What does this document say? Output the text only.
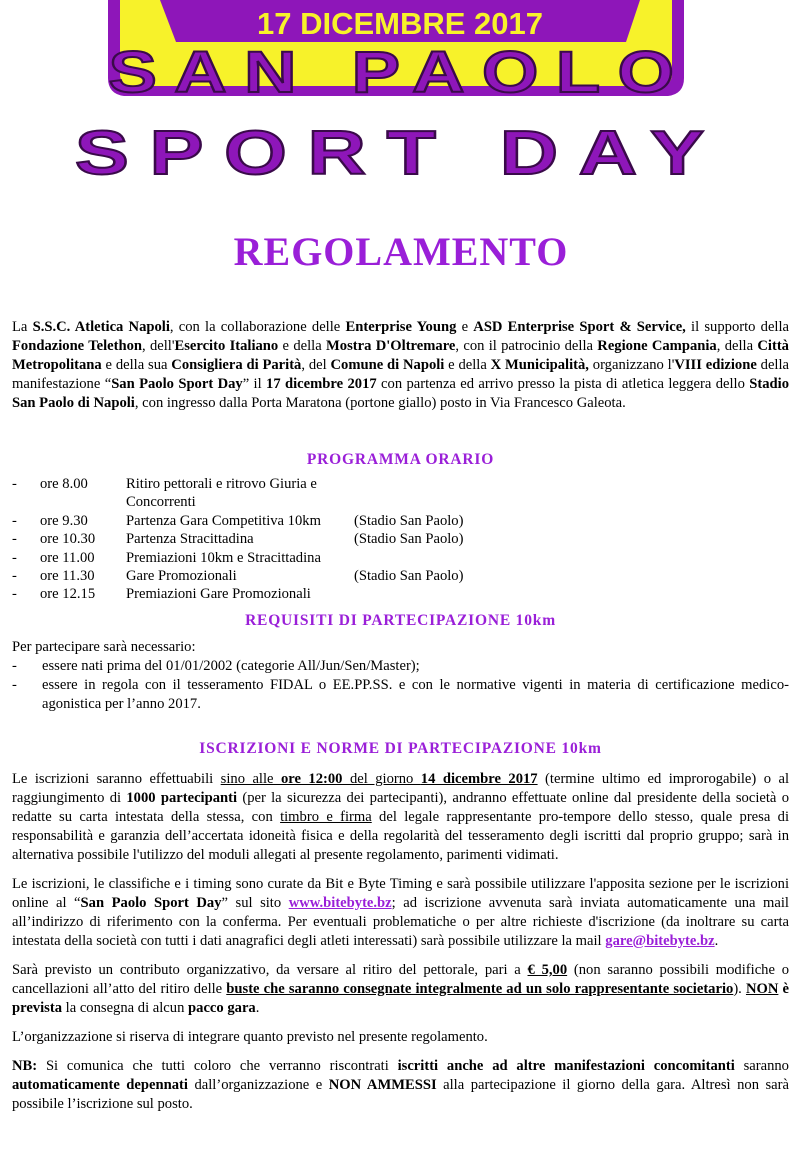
17 DICEMBRE 2017
SAN PAOLO
SPORT DAY
REGOLAMENTO

La S.S.C. Atletica Napoli, con la collaborazione delle Enterprise Young e ASD Enterprise Sport & Service, il supporto della Fondazione Telethon, dell'Esercito Italiano e della Mostra D'Oltremare, con il patrocinio della Regione Campania, della Città Metropolitana e della sua Consigliera di Parità, del Comune di Napoli e della X Municipalità, organizzano l'VIII edizione della manifestazione “San Paolo Sport Day” il 17 dicembre 2017 con partenza ed arrivo presso la pista di atletica leggera dello Stadio San Paolo di Napoli, con ingresso dalla Porta Maratona (portone giallo) posto in Via Francesco Galeota.

PROGRAMMA ORARIO
-	ore 8.00	Ritiro pettorali e ritrovo Giuria e Concorrenti	
-	ore 9.30	Partenza Gara Competitiva 10km	(Stadio San Paolo)
-	ore 10.30	Partenza Stracittadina	(Stadio San Paolo)
-	ore 11.00	Premiazioni 10km e Stracittadina	
-	ore 11.30	Gare Promozionali	(Stadio San Paolo)
-	ore 12.15	Premiazioni Gare Promozionali	
REQUISITI DI PARTECIPAZIONE 10km
Per partecipare sarà necessario:
- essere nati prima del 01/01/2002 (categorie All/Jun/Sen/Master);
- essere in regola con il tesseramento FIDAL o EE.PP.SS. e con le normative vigenti in materia di certificazione medico-agonistica per l’anno 2017.
ISCRIZIONI E NORME DI PARTECIPAZIONE 10km

Le iscrizioni saranno effettuabili sino alle ore 12:00 del giorno 14 dicembre 2017 (termine ultimo ed improrogabile) o al raggiungimento di 1000 partecipanti (per la sicurezza dei partecipanti), andranno effettuate online dal presidente della società o redatte su carta intestata della stessa, con timbro e firma del legale rappresentante pro-tempore dello stesso, quale presa di responsabilità e garanzia dell’accertata idoneità fisica e della regolarità del tesseramento degli iscritti dal proprio gruppo; sarà in alternativa possibile l'utilizzo del moduli allegati al presente regolamento, parimenti vidimati.

Le iscrizioni, le classifiche e i timing sono curate da Bit e Byte Timing e sarà possibile utilizzare l'apposita sezione per le iscrizioni online al “San Paolo Sport Day” sul sito www.bitebyte.bz; ad iscrizione avvenuta sarà inviata automaticamente una mail all’indirizzo di riferimento con la conferma. Per eventuali problematiche o per altre richieste d'iscrizione (da inoltrare su carta intestata della società con tutti i dati anagrafici degli atleti interessati) sarà possibile utilizzare la mail gare@bitebyte.bz.

Sarà previsto un contributo organizzativo, da versare al ritiro del pettorale, pari a € 5,00 (non saranno possibili modifiche o cancellazioni all’atto del ritiro delle buste che saranno consegnate integralmente ad un solo rappresentante societario). NON è prevista la consegna di alcun pacco gara.

L’organizzazione si riserva di integrare quanto previsto nel presente regolamento.

NB: Si comunica che tutti coloro che verranno riscontrati iscritti anche ad altre manifestazioni concomitanti saranno automaticamente depennati dall’organizzazione e NON AMMESSI alla partecipazione il giorno della gara. Altresì non sarà possibile l’iscrizione sul posto.
